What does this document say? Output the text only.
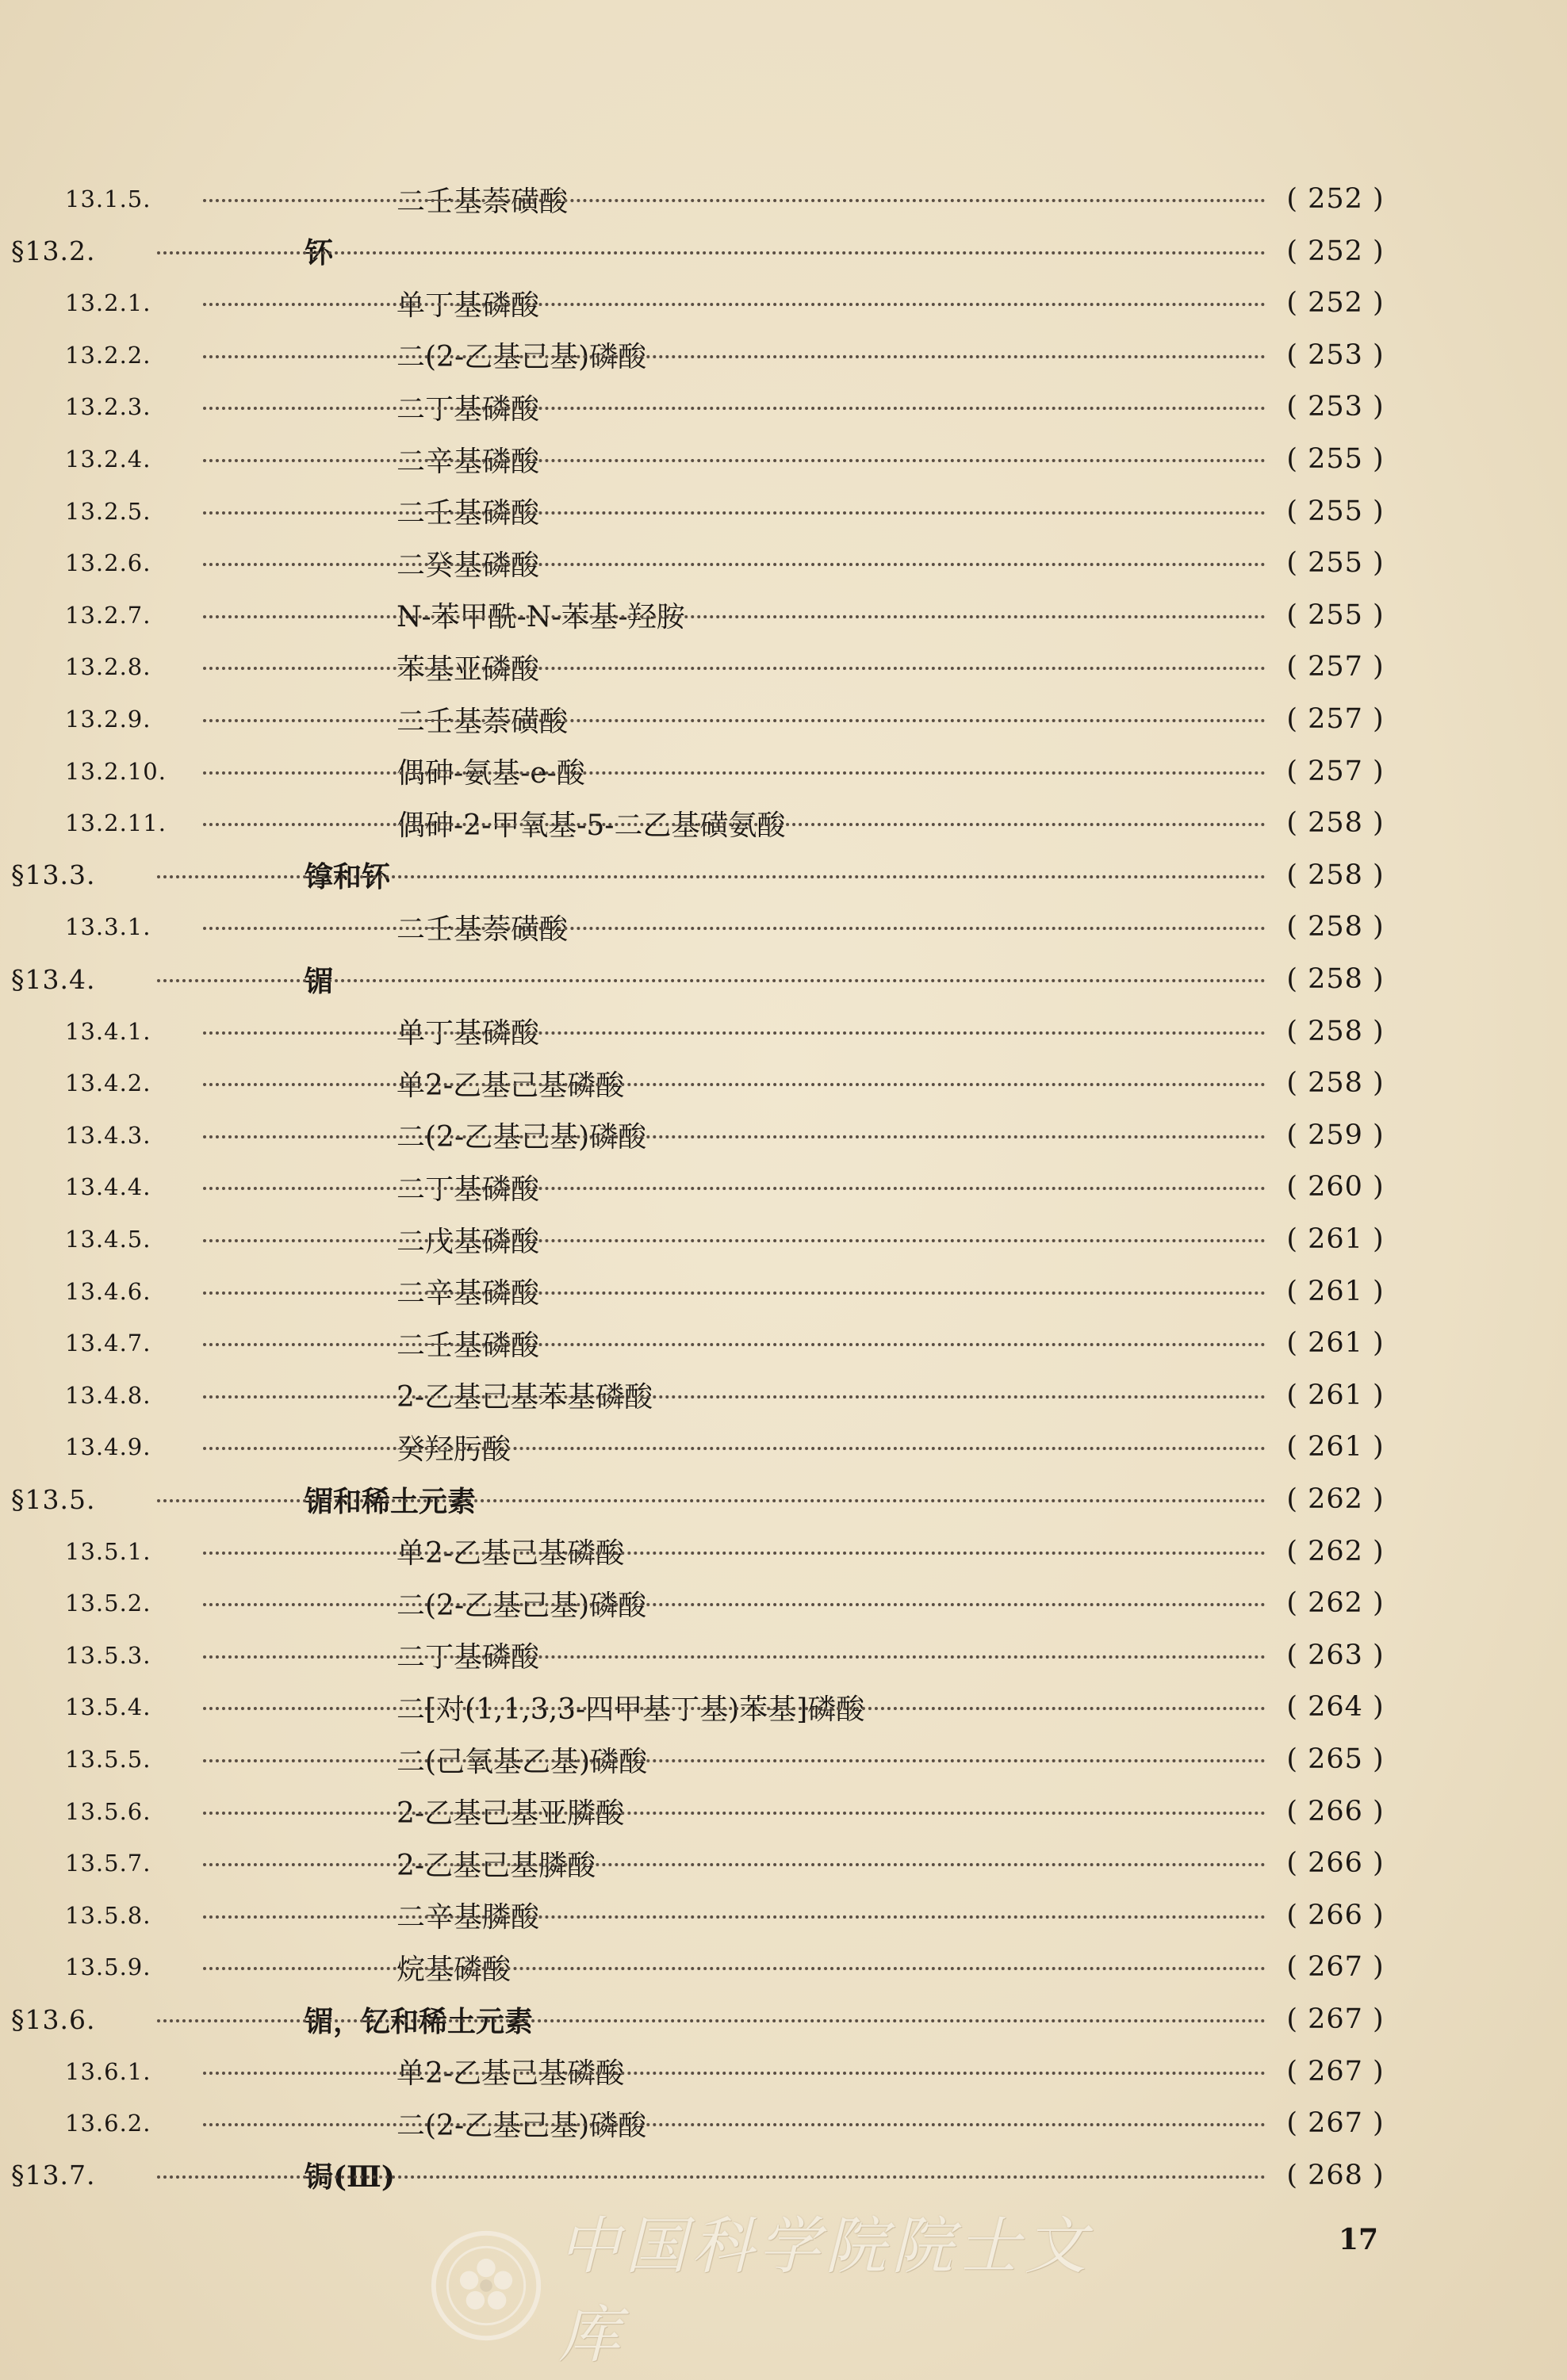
13.1.5.	二壬基萘磺酸	( 252 )
§13.2.	钚	( 252 )
13.2.1.	单丁基磷酸	( 252 )
13.2.2.	二(2-乙基己基)磷酸	( 253 )
13.2.3.	二丁基磷酸	( 253 )
13.2.4.	二辛基磷酸	( 255 )
13.2.5.	二壬基磷酸	( 255 )
13.2.6.	二癸基磷酸	( 255 )
13.2.7.	N-苯甲酰-N-苯基-羟胺	( 255 )
13.2.8.	苯基亚磷酸	( 257 )
13.2.9.	二壬基萘磺酸	( 257 )
13.2.10.	偶砷-氨基-e-酸	( 257 )
13.2.11.	偶砷-2-甲氧基-5-二乙基磺氨酸	( 258 )
§13.3.	镎和钚	( 258 )
13.3.1.	二壬基萘磺酸	( 258 )
§13.4.	镅	( 258 )
13.4.1.	单丁基磷酸	( 258 )
13.4.2.	单2-乙基己基磷酸	( 258 )
13.4.3.	二(2-乙基己基)磷酸	( 259 )
13.4.4.	二丁基磷酸	( 260 )
13.4.5.	二戊基磷酸	( 261 )
13.4.6.	二辛基磷酸	( 261 )
13.4.7.	二壬基磷酸	( 261 )
13.4.8.	2-乙基己基苯基磷酸	( 261 )
13.4.9.	癸羟肟酸	( 261 )
§13.5.	镅和稀土元素	( 262 )
13.5.1.	单2-乙基己基磷酸	( 262 )
13.5.2.	二(2-乙基己基)磷酸	( 262 )
13.5.3.	二丁基磷酸	( 263 )
13.5.4.	二[对(1,1,3,3-四甲基丁基)苯基]磷酸	( 264 )
13.5.5.	二(己氧基乙基)磷酸	( 265 )
13.5.6.	2-乙基己基亚膦酸	( 266 )
13.5.7.	2-乙基己基膦酸	( 266 )
13.5.8.	二辛基膦酸	( 266 )
13.5.9.	烷基磷酸	( 267 )
§13.6.	镅，钇和稀土元素	( 267 )
13.6.1.	单2-乙基己基磷酸	( 267 )
13.6.2.	二(2-乙基己基)磷酸	( 267 )
§13.7.	锔(Ⅲ)	( 268 )
17
中国科学院院士文库
